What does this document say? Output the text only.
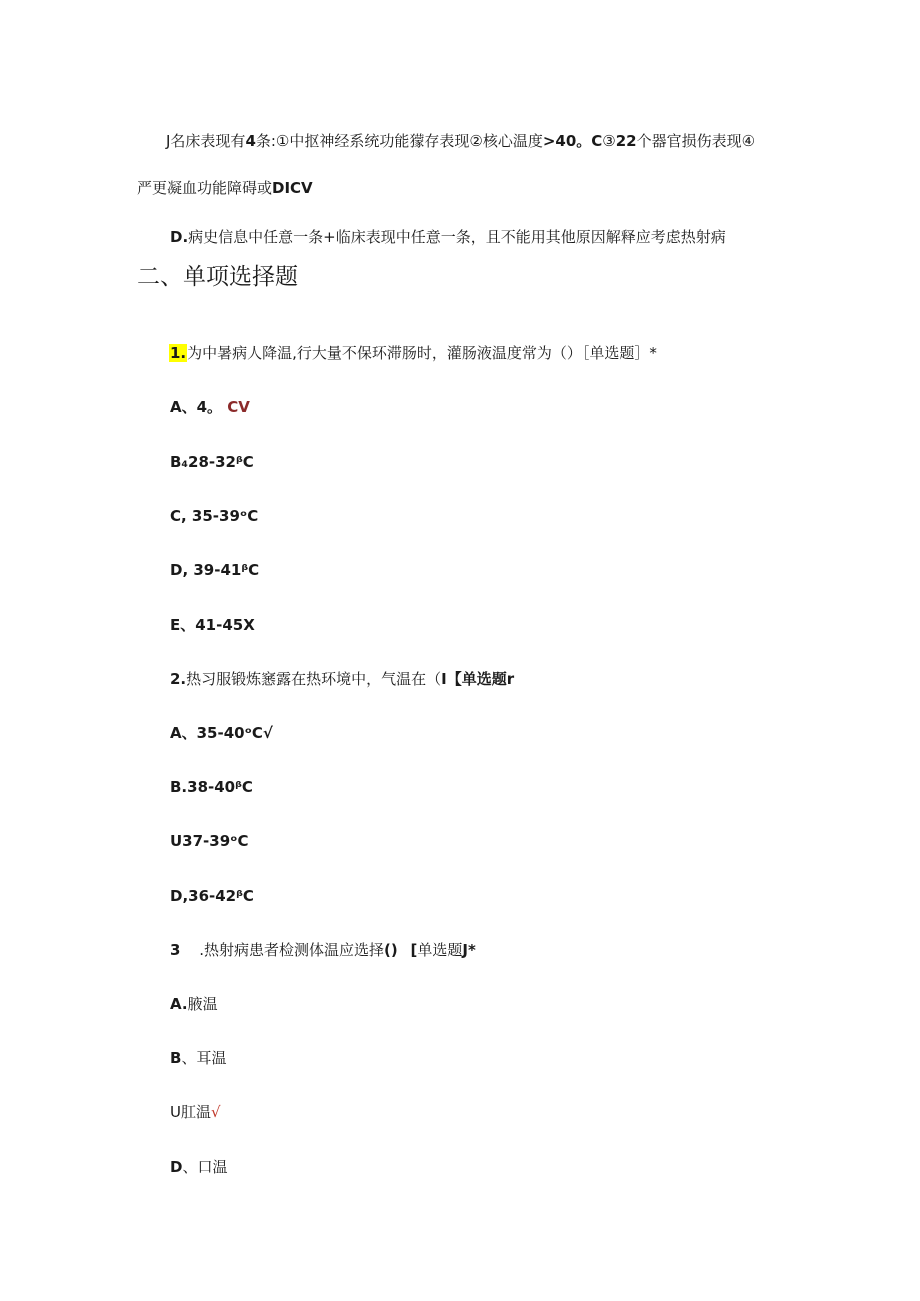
J名床表现有4条:①中抠神经系统功能獴存表现②核心温度>40。C③22个器官损伤表现④
严更凝血功能障碍或DICV
D.病史信息中任意一条+临床表现中任意一条，且不能用其他原因解释应考虑热射病
二、单项选择题
1.为中暑病人降温,行大量不保环滞肠时，灌肠液温度常为（）［单选题］*
A、4。 CV
B₄28-32ᵝC
C, 35-39ᵒC
D, 39-41ᵝC
E、41-45X
2.热习服锻炼窸露在热环境中，气温在（I【单选题r
A、35-40ᵒC√
B.38-40ᵝC
U37-39ᵒC
D,36-42ᵝC
3 .热射病患者检测体温应选择() [单选题J*
A.腋温
B、耳温
U肛温√
D、口温
